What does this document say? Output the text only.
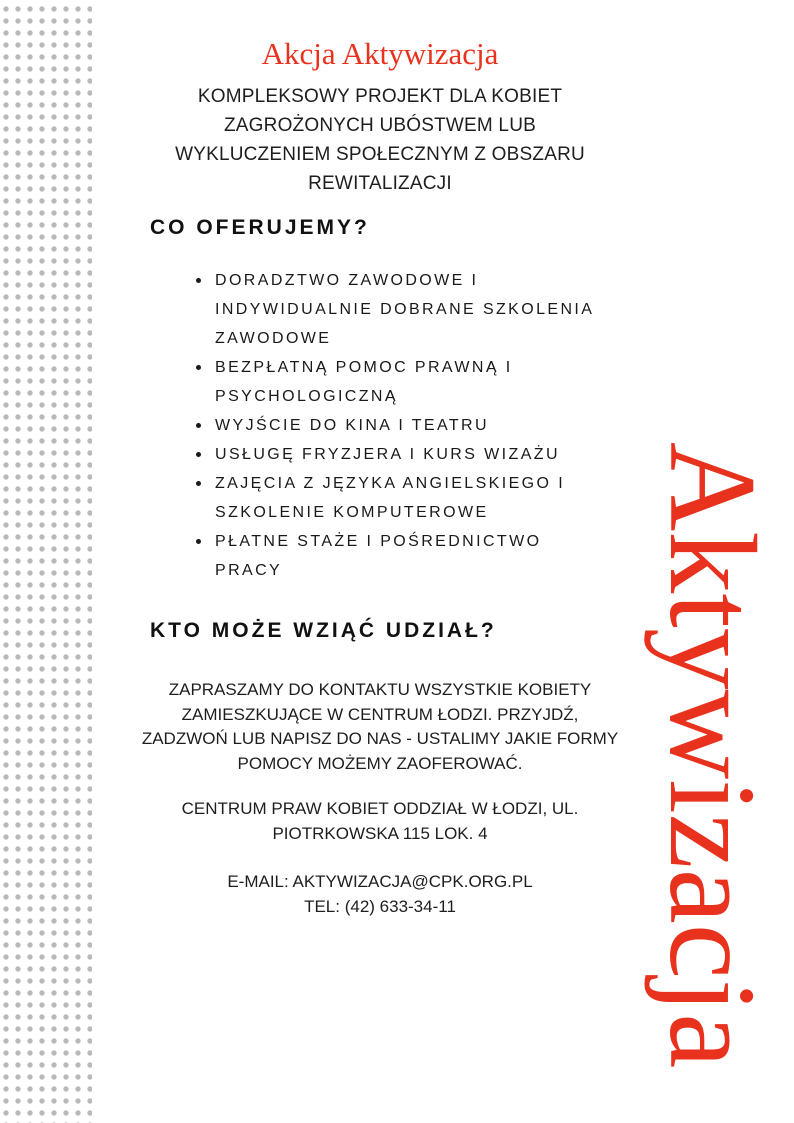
Akcja Aktywizacja
KOMPLEKSOWY PROJEKT DLA KOBIET
ZAGROŻONYCH UBÓSTWEM LUB
WYKLUCZENIEM SPOŁECZNYM Z OBSZARU
REWITALIZACJI
CO OFERUJEMY?
DORADZTWO ZAWODOWE I
INDYWIDUALNIE DOBRANE SZKOLENIA
ZAWODOWE
BEZPŁATNĄ POMOC PRAWNĄ I
PSYCHOLOGICZNĄ
WYJŚCIE DO KINA I TEATRU
USŁUGĘ FRYZJERA I KURS WIZAŻU
ZAJĘCIA Z JĘZYKA ANGIELSKIEGO I
SZKOLENIE KOMPUTEROWE
PŁATNE STAŻE I POŚREDNICTWO PRACY
KTO MOŻE WZIĄĆ UDZIAŁ?
ZAPRASZAMY DO KONTAKTU WSZYSTKIE KOBIETY
ZAMIESZKUJĄCE W CENTRUM ŁODZI. PRZYJDŹ,
ZADZWOŃ LUB NAPISZ DO NAS - USTALIMY JAKIE FORMY
POMOCY MOŻEMY ZAOFEROWAĆ.
CENTRUM PRAW KOBIET ODDZIAŁ W ŁODZI, UL.
PIOTRKOWSKA 115 LOK. 4
E-MAIL: AKTYWIZACJA@CPK.ORG.PL
TEL: (42) 633-34-11	Aktywizacja
